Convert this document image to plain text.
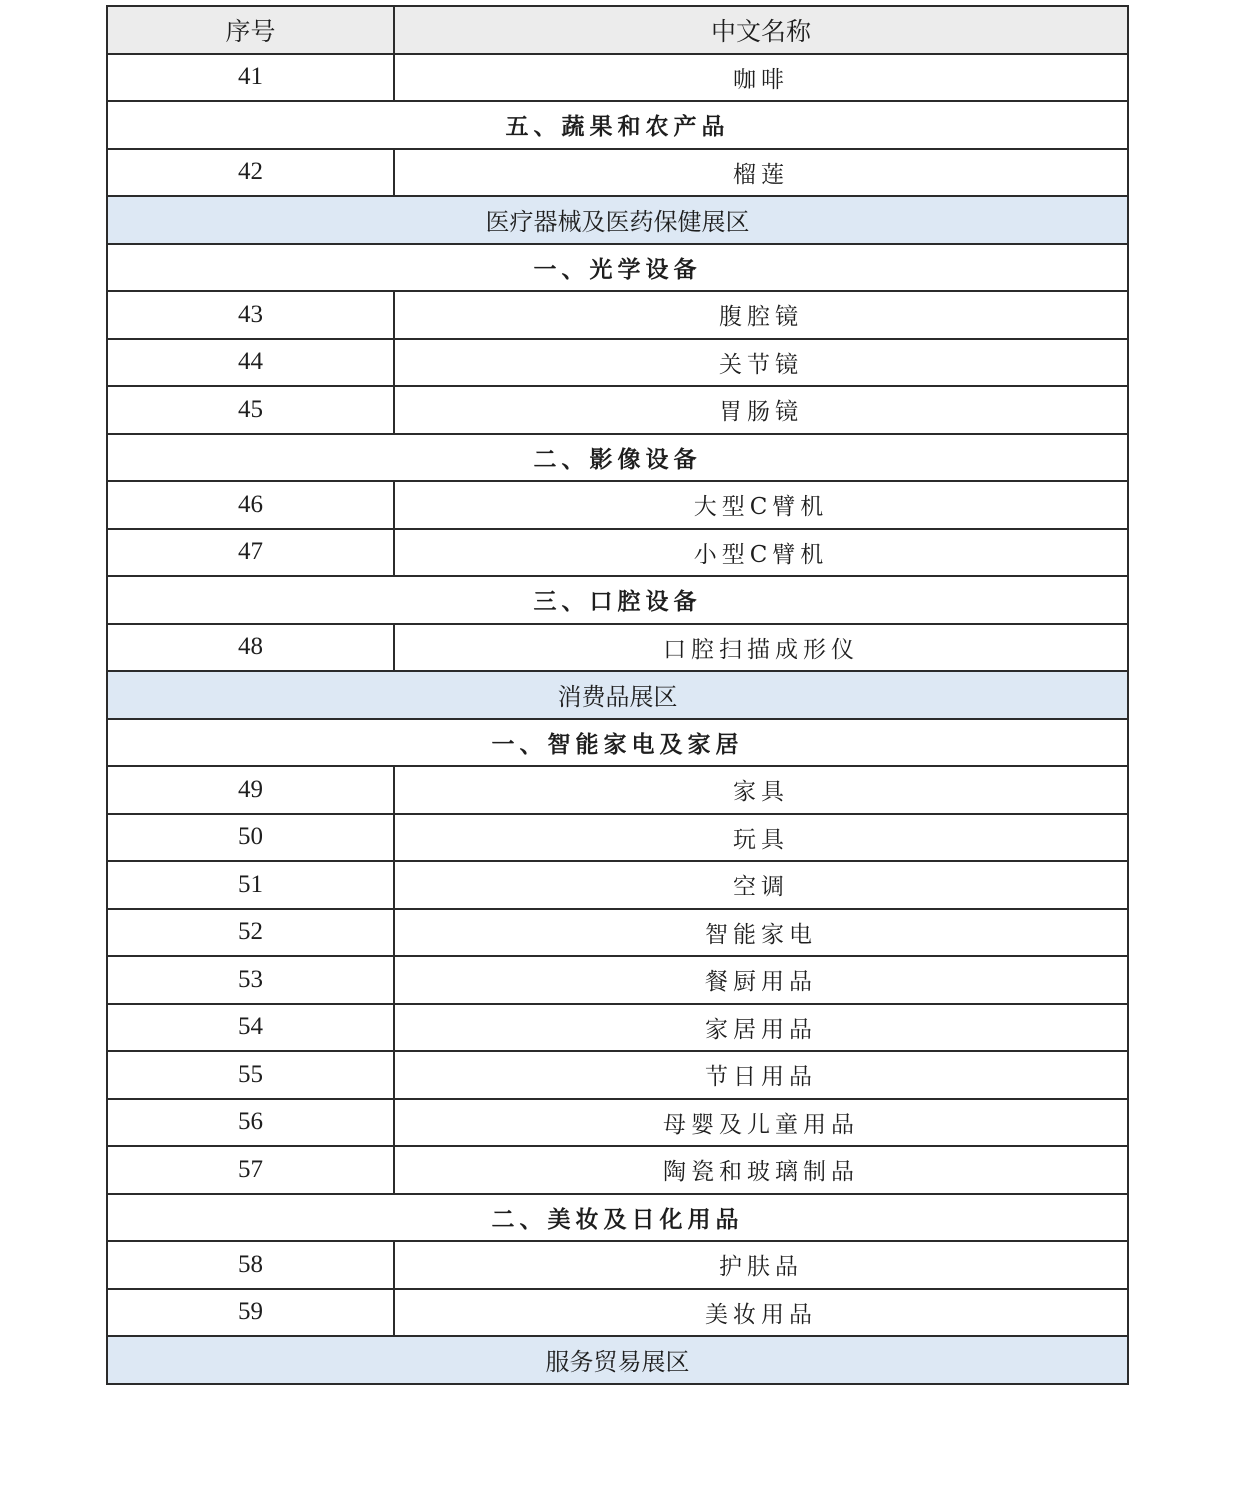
序号	中文名称
41	咖啡
五、蔬果和农产品	
42	榴莲
医疗器械及医药保健展区	
一、光学设备	
43	腹腔镜
44	关节镜
45	胃肠镜
二、影像设备	
46	大型C臂机
47	小型C臂机
三、口腔设备	
48	口腔扫描成形仪
消费品展区	
一、智能家电及家居	
49	家具
50	玩具
51	空调
52	智能家电
53	餐厨用品
54	家居用品
55	节日用品
56	母婴及儿童用品
57	陶瓷和玻璃制品
二、美妆及日化用品	
58	护肤品
59	美妆用品
服务贸易展区	
